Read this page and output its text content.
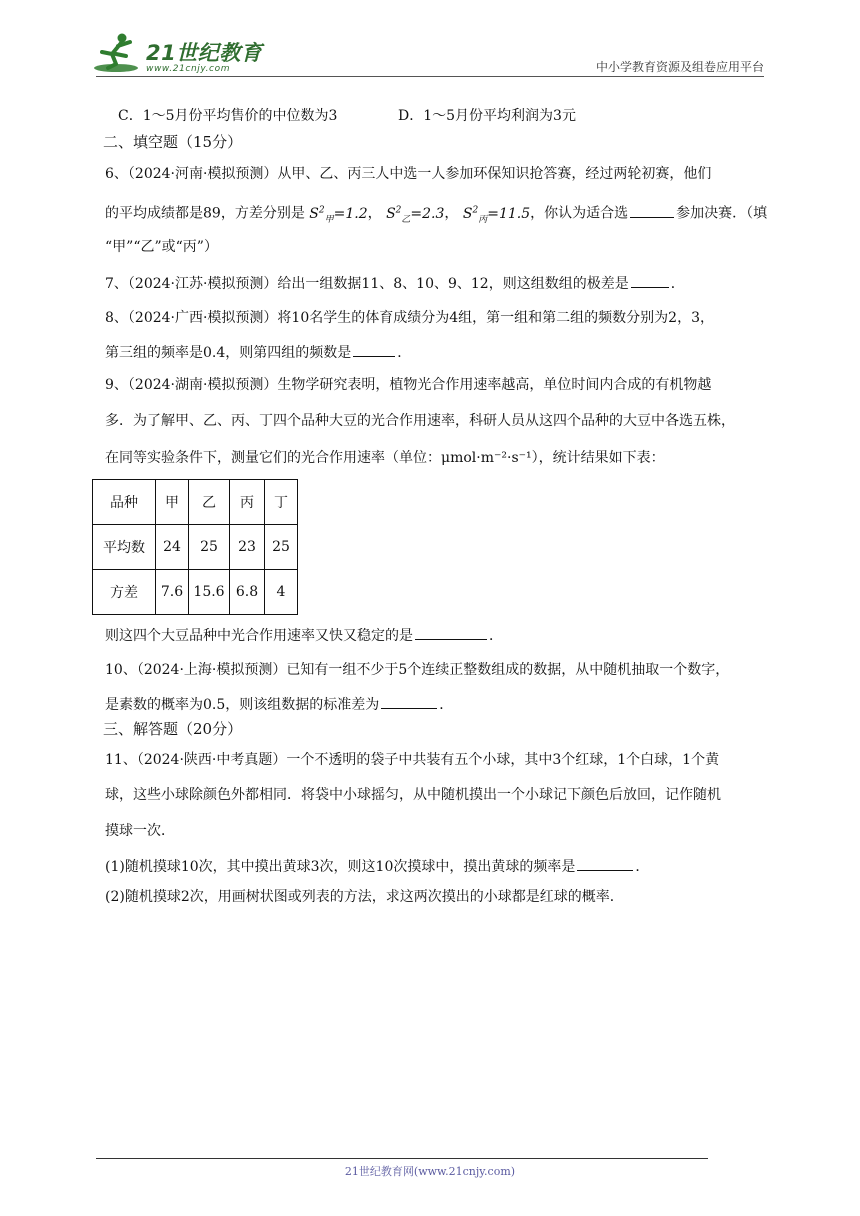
21世纪教育
www.21cnjy.com	中小学教育资源及组卷应用平台
C．1～5月份平均售价的中位数为3	D．1～5月份平均利润为3元
二、填空题（15分）
6、（2024·河南·模拟预测）从甲、乙、丙三人中选一人参加环保知识抢答赛，经过两轮初赛，他们
的平均成绩都是89，方差分别是 $S^2_甲=1.2$， $S^2_乙=2.3$， $S^2_丙=11.5$，你认为适合选	参加决赛．（填
“甲”“乙”或“丙”）
7、（2024·江苏·模拟预测）给出一组数据11、8、10、9、12，则这组数组的极差是	．
8、（2024·广西·模拟预测）将10名学生的体育成绩分为4组，第一组和第二组的频数分别为2，3，
第三组的频率是0.4，则第四组的频数是	．
9、（2024·湖南·模拟预测）生物学研究表明，植物光合作用速率越高，单位时间内合成的有机物越
多．为了解甲、乙、丙、丁四个品种大豆的光合作用速率，科研人员从这四个品种的大豆中各选五株，
在同等实验条件下，测量它们的光合作用速率（单位：μmol·m⁻²·s⁻¹），统计结果如下表：
品种	甲	乙	丙	丁
平均数	24	25	23	25
方差	7.6	15.6	6.8	4
则这四个大豆品种中光合作用速率又快又稳定的是	．
10、（2024·上海·模拟预测）已知有一组不少于5个连续正整数组成的数据，从中随机抽取一个数字，
是素数的概率为0.5，则该组数据的标准差为	．
三、解答题（20分）
11、（2024·陕西·中考真题）一个不透明的袋子中共装有五个小球，其中3个红球，1个白球，1个黄
球，这些小球除颜色外都相同．将袋中小球摇匀，从中随机摸出一个小球记下颜色后放回，记作随机
摸球一次．
(1)随机摸球10次，其中摸出黄球3次，则这10次摸球中，摸出黄球的频率是	．
(2)随机摸球2次，用画树状图或列表的方法，求这两次摸出的小球都是红球的概率．
21世纪教育网(www.21cnjy.com)
